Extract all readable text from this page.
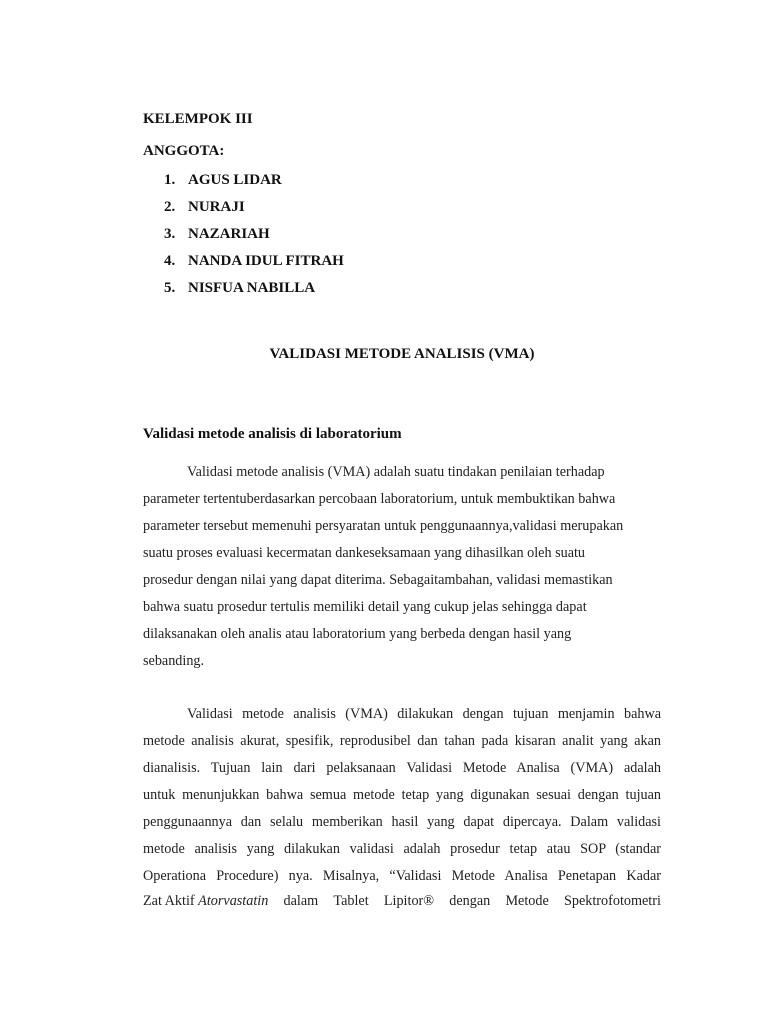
KELEMPOK III
ANGGOTA:
1. AGUS LIDAR
2. NURAJI
3. NAZARIAH
4. NANDA IDUL FITRAH
5. NISFUA NABILLA
VALIDASI METODE ANALISIS (VMA)
Validasi metode analisis di laboratorium
Validasi metode analisis (VMA) adalah suatu tindakan penilaian terhadap
parameter tertentuberdasarkan percobaan laboratorium, untuk membuktikan bahwa
parameter tersebut memenuhi persyaratan untuk penggunaannya,validasi merupakan
suatu proses evaluasi kecermatan dankeseksamaan yang dihasilkan oleh suatu
prosedur dengan nilai yang dapat diterima. Sebagaitambahan, validasi memastikan
bahwa suatu prosedur tertulis memiliki detail yang cukup jelas sehingga dapat
dilaksanakan oleh analis atau laboratorium yang berbeda dengan hasil yang
sebanding.
Validasi metode analisis (VMA) dilakukan dengan tujuan menjamin bahwa
metode analisis akurat, spesifik, reprodusibel dan tahan pada kisaran analit yang akan
dianalisis. Tujuan lain dari pelaksanaan Validasi Metode Analisa (VMA) adalah
untuk menunjukkan bahwa semua metode tetap yang digunakan sesuai dengan tujuan
penggunaannya dan selalu memberikan hasil yang dapat dipercaya. Dalam validasi
metode analisis yang dilakukan validasi adalah prosedur tetap atau SOP (standar
Operationa Procedure) nya. Misalnya, “Validasi Metode Analisa Penetapan Kadar
Zat Aktif Atorvastatin dalam Tablet Lipitor® dengan Metode Spektrofotometri
